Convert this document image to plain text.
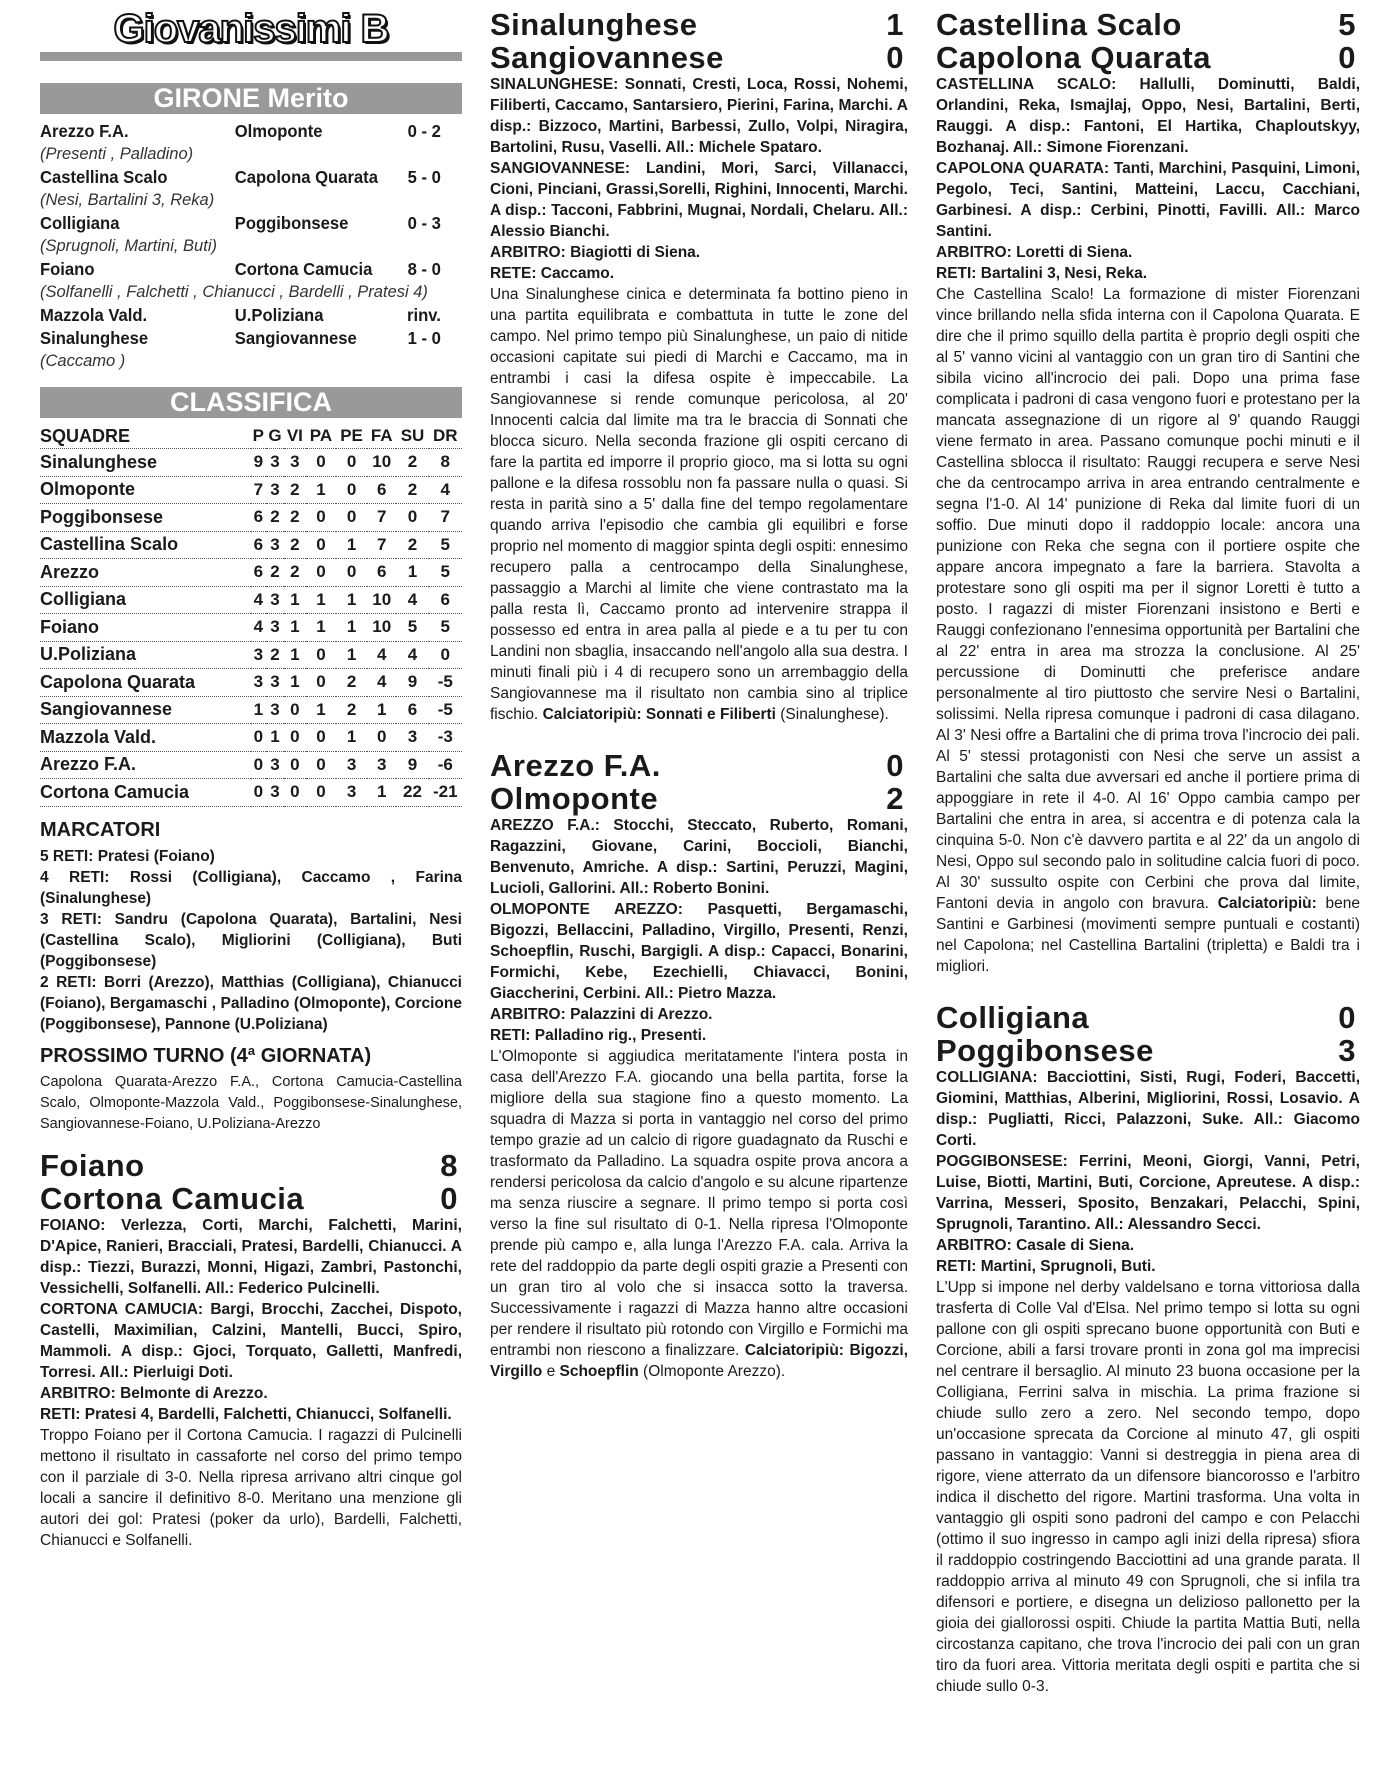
Giovanissimi B
GIRONE Merito
Arezzo F.A.	Olmoponte	0 - 2
(Presenti , Palladino)
Castellina Scalo	Capolona Quarata	5 - 0
(Nesi, Bartalini 3, Reka)
Colligiana	Poggibonsese	0 - 3
(Sprugnoli, Martini, Buti)
Foiano	Cortona Camucia	8 - 0
(Solfanelli , Falchetti , Chianucci , Bardelli , Pratesi 4)
Mazzola Vald.	U.Poliziana	rinv.
Sinalunghese	Sangiovannese	1 - 0
(Caccamo )
CLASSIFICA
SQUADRE	P	G	VI	PA	PE	FA	SU	DR
Sinalunghese	9	3	3	0	0	10	2	8
Olmoponte	7	3	2	1	0	6	2	4
Poggibonsese	6	2	2	0	0	7	0	7
Castellina Scalo	6	3	2	0	1	7	2	5
Arezzo	6	2	2	0	0	6	1	5
Colligiana	4	3	1	1	1	10	4	6
Foiano	4	3	1	1	1	10	5	5
U.Poliziana	3	2	1	0	1	4	4	0
Capolona Quarata	3	3	1	0	2	4	9	-5
Sangiovannese	1	3	0	1	2	1	6	-5
Mazzola Vald.	0	1	0	0	1	0	3	-3
Arezzo F.A.	0	3	0	0	3	3	9	-6
Cortona Camucia	0	3	0	0	3	1	22	-21
MARCATORI
5 RETI: Pratesi (Foiano)
4 RETI: Rossi (Colligiana), Caccamo , Farina (Sinalunghese)
3 RETI: Sandru (Capolona Quarata), Bartalini, Nesi (Castellina Scalo), Migliorini (Colligiana), Buti (Poggibonsese)
2 RETI: Borri (Arezzo), Matthias (Colligiana), Chianucci (Foiano), Bergamaschi , Palladino (Olmoponte), Corcione (Poggibonsese), Pannone (U.Poliziana)
PROSSIMO TURNO (4ª GIORNATA)
Capolona Quarata-Arezzo F.A., Cortona Camucia-Castellina Scalo, Olmoponte-Mazzola Vald., Poggibonsese-Sinalunghese, Sangiovannese-Foiano, U.Poliziana-Arezzo
Foiano	8
Cortona Camucia	0
FOIANO: Verlezza, Corti, Marchi, Falchetti, Marini, D'Apice, Ranieri, Bracciali, Pratesi, Bardelli, Chianucci. A disp.: Tiezzi, Burazzi, Monni, Higazi, Zambri, Pastonchi, Vessichelli, Solfanelli. All.: Federico Pulcinelli.
CORTONA CAMUCIA: Bargi, Brocchi, Zacchei, Dispoto, Castelli, Maximilian, Calzini, Mantelli, Bucci, Spiro, Mammoli. A disp.: Gjoci, Torquato, Galletti, Manfredi, Torresi. All.: Pierluigi Doti.
ARBITRO: Belmonte di Arezzo.
RETI: Pratesi 4, Bardelli, Falchetti, Chianucci, Solfanelli.
Troppo Foiano per il Cortona Camucia. I ragazzi di Pulcinelli mettono il risultato in cassaforte nel corso del primo tempo con il parziale di 3-0. Nella ripresa arrivano altri cinque gol locali a sancire il definitivo 8-0. Meritano una menzione gli autori dei gol: Pratesi (poker da urlo), Bardelli, Falchetti, Chianucci e Solfanelli.
Sinalunghese	1
Sangiovannese	0
SINALUNGHESE: Sonnati, Cresti, Loca, Rossi, Nohemi, Filiberti, Caccamo, Santarsiero, Pierini, Farina, Marchi. A disp.: Bizzoco, Martini, Barbessi, Zullo, Volpi, Niragira, Bartolini, Rusu, Vaselli. All.: Michele Spataro.
SANGIOVANNESE: Landini, Mori, Sarci, Villanacci, Cioni, Pinciani, Grassi,Sorelli, Righini, Innocenti, Marchi. A disp.: Tacconi, Fabbrini, Mugnai, Nordali, Chelaru. All.: Alessio Bianchi.
ARBITRO: Biagiotti di Siena.
RETE: Caccamo.
Una Sinalunghese cinica e determinata fa bottino pieno in una partita equilibrata e combattuta in tutte le zone del campo. Nel primo tempo più Sinalunghese, un paio di nitide occasioni capitate sui piedi di Marchi e Caccamo, ma in entrambi i casi la difesa ospite è impeccabile. La Sangiovannese si rende comunque pericolosa, al 20' Innocenti calcia dal limite ma tra le braccia di Sonnati che blocca sicuro. Nella seconda frazione gli ospiti cercano di fare la partita ed imporre il proprio gioco, ma si lotta su ogni pallone e la difesa rossoblu non fa passare nulla o quasi. Si resta in parità sino a 5' dalla fine del tempo regolamentare quando arriva l'episodio che cambia gli equilibri e forse proprio nel momento di maggior spinta degli ospiti: ennesimo recupero palla a centrocampo della Sinalunghese, passaggio a Marchi al limite che viene contrastato ma la palla resta lì, Caccamo pronto ad intervenire strappa il possesso ed entra in area palla al piede e a tu per tu con Landini non sbaglia, insaccando nell'angolo alla sua destra. I minuti finali più i 4 di recupero sono un arrembaggio della Sangiovannese ma il risultato non cambia sino al triplice fischio. Calciatoripiù: Sonnati e Filiberti (Sinalunghese).
Arezzo F.A.	0
Olmoponte	2
AREZZO F.A.: Stocchi, Steccato, Ruberto, Romani, Ragazzini, Giovane, Carini, Boccioli, Bianchi, Benvenuto, Amriche. A disp.: Sartini, Peruzzi, Magini, Lucioli, Gallorini. All.: Roberto Bonini.
OLMOPONTE AREZZO: Pasquetti, Bergamaschi, Bigozzi, Bellaccini, Palladino, Virgillo, Presenti, Renzi, Schoepflin, Ruschi, Bargigli. A disp.: Capacci, Bonarini, Formichi, Kebe, Ezechielli, Chiavacci, Bonini, Giaccherini, Cerbini. All.: Pietro Mazza.
ARBITRO: Palazzini di Arezzo.
RETI: Palladino rig., Presenti.
L'Olmoponte si aggiudica meritatamente l'intera posta in casa dell'Arezzo F.A. giocando una bella partita, forse la migliore della sua stagione fino a questo momento. La squadra di Mazza si porta in vantaggio nel corso del primo tempo grazie ad un calcio di rigore guadagnato da Ruschi e trasformato da Palladino. La squadra ospite prova ancora a rendersi pericolosa da calcio d'angolo e su alcune ripartenze ma senza riuscire a segnare. Il primo tempo si porta così verso la fine sul risultato di 0-1. Nella ripresa l'Olmoponte prende più campo e, alla lunga l'Arezzo F.A. cala. Arriva la rete del raddoppio da parte degli ospiti grazie a Presenti con un gran tiro al volo che si insacca sotto la traversa. Successivamente i ragazzi di Mazza hanno altre occasioni per rendere il risultato più rotondo con Virgillo e Formichi ma entrambi non riescono a finalizzare. Calciatoripiù: Bigozzi, Virgillo e Schoepflin (Olmoponte Arezzo).
Castellina Scalo	5
Capolona Quarata	0
CASTELLINA SCALO: Hallulli, Dominutti, Baldi, Orlandini, Reka, Ismajlaj, Oppo, Nesi, Bartalini, Berti, Rauggi. A disp.: Fantoni, El Hartika, Chaploutskyy, Bozhanaj. All.: Simone Fiorenzani.
CAPOLONA QUARATA: Tanti, Marchini, Pasquini, Limoni, Pegolo, Teci, Santini, Matteini, Laccu, Cacchiani, Garbinesi. A disp.: Cerbini, Pinotti, Favilli. All.: Marco Santini.
ARBITRO: Loretti di Siena.
RETI: Bartalini 3, Nesi, Reka.
Che Castellina Scalo! La formazione di mister Fiorenzani vince brillando nella sfida interna con il Capolona Quarata. E dire che il primo squillo della partita è proprio degli ospiti che al 5' vanno vicini al vantaggio con un gran tiro di Santini che sibila vicino all'incrocio dei pali. Dopo una prima fase complicata i padroni di casa vengono fuori e protestano per la mancata assegnazione di un rigore al 9' quando Rauggi viene fermato in area. Passano comunque pochi minuti e il Castellina sblocca il risultato: Rauggi recupera e serve Nesi che da centrocampo arriva in area entrando centralmente e segna l'1-0. Al 14' punizione di Reka dal limite fuori di un soffio. Due minuti dopo il raddoppio locale: ancora una punizione con Reka che segna con il portiere ospite che appare ancora impegnato a fare la barriera. Stavolta a protestare sono gli ospiti ma per il signor Loretti è tutto a posto. I ragazzi di mister Fiorenzani insistono e Berti e Rauggi confezionano l'ennesima opportunità per Bartalini che al 22' entra in area ma strozza la conclusione. Al 25' percussione di Dominutti che preferisce andare personalmente al tiro piuttosto che servire Nesi o Bartalini, solissimi. Nella ripresa comunque i padroni di casa dilagano. Al 3' Nesi offre a Bartalini che di prima trova l'incrocio dei pali. Al 5' stessi protagonisti con Nesi che serve un assist a Bartalini che salta due avversari ed anche il portiere prima di appoggiare in rete il 4-0. Al 16' Oppo cambia campo per Bartalini che entra in area, si accentra e di potenza cala la cinquina 5-0. Non c'è davvero partita e al 22' da un angolo di Nesi, Oppo sul secondo palo in solitudine calcia fuori di poco. Al 30' sussulto ospite con Cerbini che prova dal limite, Fantoni devia in angolo con bravura. Calciatoripiù: bene Santini e Garbinesi (movimenti sempre puntuali e costanti) nel Capolona; nel Castellina Bartalini (tripletta) e Baldi tra i migliori.
Colligiana	0
Poggibonsese	3
COLLIGIANA: Bacciottini, Sisti, Rugi, Foderi, Baccetti, Giomini, Matthias, Alberini, Migliorini, Rossi, Losavio. A disp.: Pugliatti, Ricci, Palazzoni, Suke. All.: Giacomo Corti.
POGGIBONSESE: Ferrini, Meoni, Giorgi, Vanni, Petri, Luise, Biotti, Martini, Buti, Corcione, Apreutese. A disp.: Varrina, Messeri, Sposito, Benzakari, Pelacchi, Spini, Sprugnoli, Tarantino. All.: Alessandro Secci.
ARBITRO: Casale di Siena.
RETI: Martini, Sprugnoli, Buti.
L'Upp si impone nel derby valdelsano e torna vittoriosa dalla trasferta di Colle Val d'Elsa. Nel primo tempo si lotta su ogni pallone con gli ospiti sprecano buone opportunità con Buti e Corcione, abili a farsi trovare pronti in zona gol ma imprecisi nel centrare il bersaglio. Al minuto 23 buona occasione per la Colligiana, Ferrini salva in mischia. La prima frazione si chiude sullo zero a zero. Nel secondo tempo, dopo un'occasione sprecata da Corcione al minuto 47, gli ospiti passano in vantaggio: Vanni si destreggia in piena area di rigore, viene atterrato da un difensore biancorosso e l'arbitro indica il dischetto del rigore. Martini trasforma. Una volta in vantaggio gli ospiti sono padroni del campo e con Pelacchi (ottimo il suo ingresso in campo agli inizi della ripresa) sfiora il raddoppio costringendo Bacciottini ad una grande parata. Il raddoppio arriva al minuto 49 con Sprugnoli, che si infila tra difensori e portiere, e disegna un delizioso pallonetto per la gioia dei giallorossi ospiti. Chiude la partita Mattia Buti, nella circostanza capitano, che trova l'incrocio dei pali con un gran tiro da fuori area. Vittoria meritata degli ospiti e partita che si chiude sullo 0-3.
